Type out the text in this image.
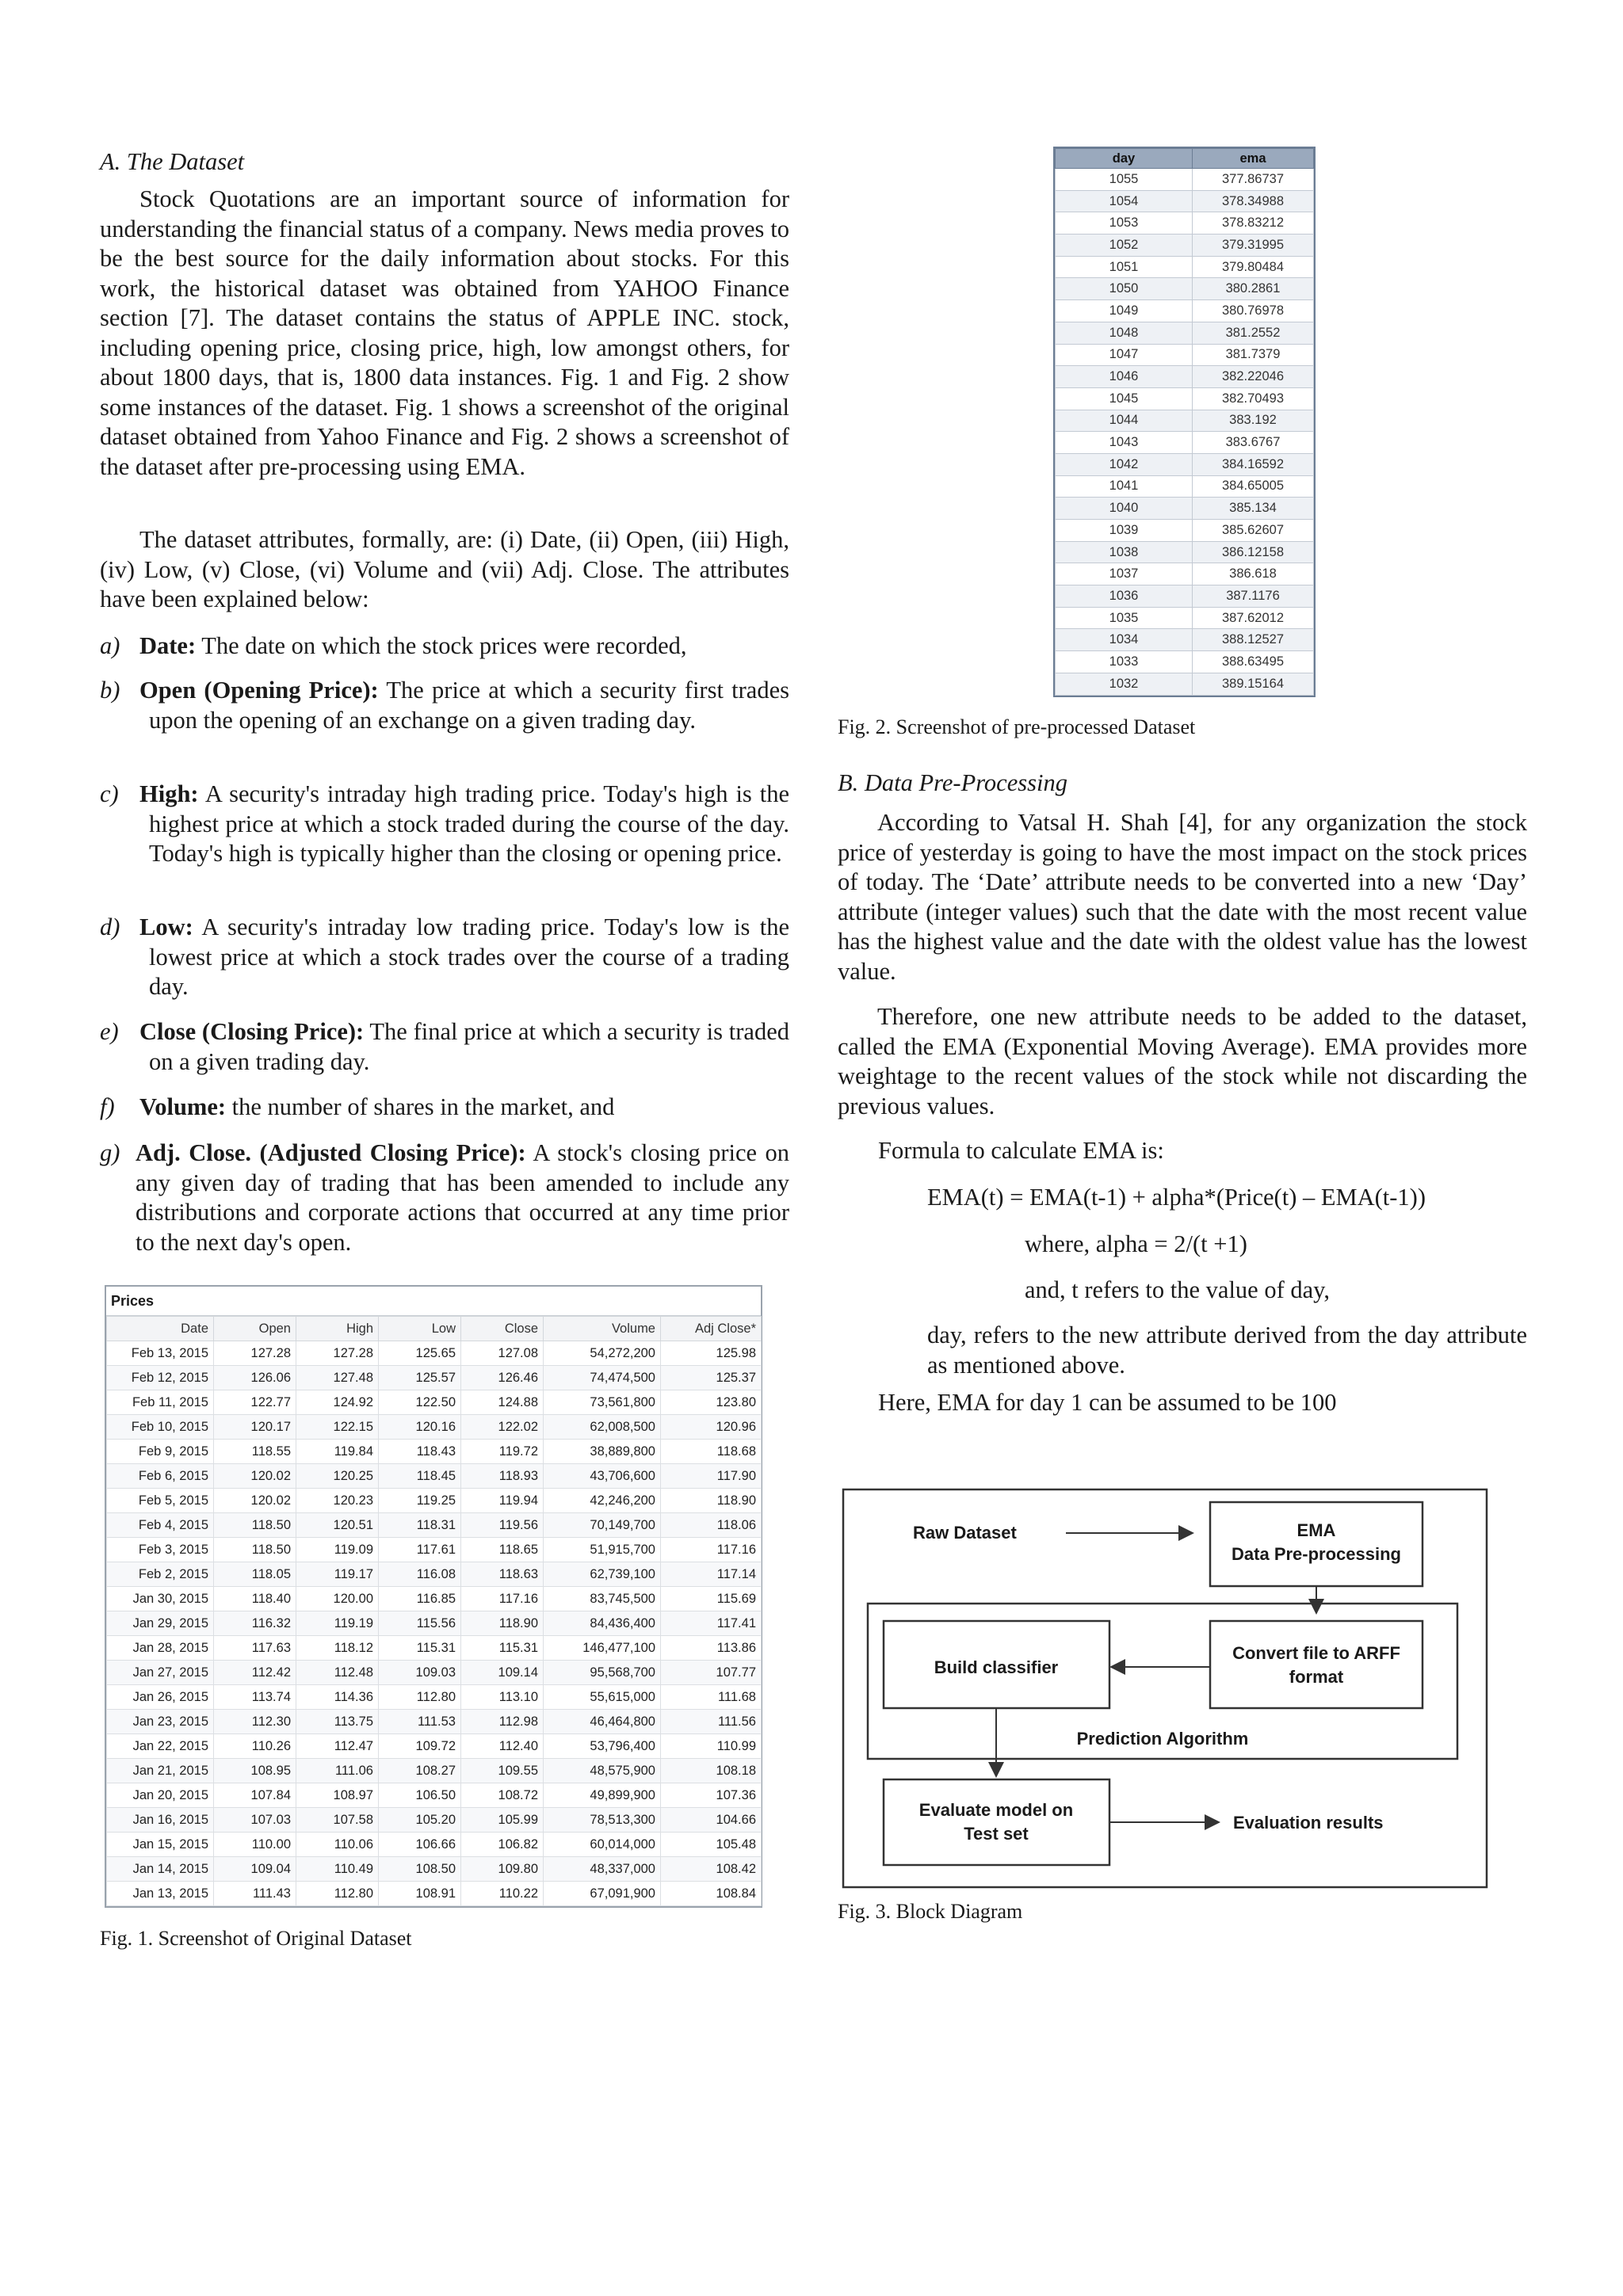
A. The Dataset

Stock Quotations are an important source of information for understanding the financial status of a company. News media proves to be the best source for the daily information about stocks. For this work, the historical dataset was obtained from YAHOO Finance section [7]. The dataset contains the status of APPLE INC. stock, including opening price, closing price, high, low amongst others, for about 1800 days, that is, 1800 data instances. Fig. 1 and Fig. 2 show some instances of the dataset. Fig. 1 shows a screenshot of the original dataset obtained from Yahoo Finance and Fig. 2 shows a screenshot of the dataset after pre-processing using EMA.

The dataset attributes, formally, are: (i) Date, (ii) Open, (iii) High, (iv) Low, (v) Close, (vi) Volume and (vii) Adj. Close. The attributes have been explained below:

a) Date: The date on which the stock prices were recorded,
b) Open (Opening Price): The price at which a security first trades upon the opening of an exchange on a given trading day.
c) High: A security's intraday high trading price. Today's high is the highest price at which a stock traded during the course of the day. Today's high is typically higher than the closing or opening price.
d) Low: A security's intraday low trading price. Today's low is the lowest price at which a stock trades over the course of a trading day.
e) Close (Closing Price): The final price at which a security is traded on a given trading day.
f)	Volume: the number of shares in the market, and
g) Adj. Close. (Adjusted Closing Price): A stock's closing price on any given day of trading that has been amended to include any distributions and corporate actions that occurred at any time prior to the next day's open.
Prices
Date	Open	High	Low	Close	Volume	Adj Close*
Feb 13, 2015	127.28	127.28	125.65	127.08	54,272,200	125.98
Feb 12, 2015	126.06	127.48	125.57	126.46	74,474,500	125.37
Feb 11, 2015	122.77	124.92	122.50	124.88	73,561,800	123.80
Feb 10, 2015	120.17	122.15	120.16	122.02	62,008,500	120.96
Feb 9, 2015	118.55	119.84	118.43	119.72	38,889,800	118.68
Feb 6, 2015	120.02	120.25	118.45	118.93	43,706,600	117.90
Feb 5, 2015	120.02	120.23	119.25	119.94	42,246,200	118.90
Feb 4, 2015	118.50	120.51	118.31	119.56	70,149,700	118.06
Feb 3, 2015	118.50	119.09	117.61	118.65	51,915,700	117.16
Feb 2, 2015	118.05	119.17	116.08	118.63	62,739,100	117.14
Jan 30, 2015	118.40	120.00	116.85	117.16	83,745,500	115.69
Jan 29, 2015	116.32	119.19	115.56	118.90	84,436,400	117.41
Jan 28, 2015	117.63	118.12	115.31	115.31	146,477,100	113.86
Jan 27, 2015	112.42	112.48	109.03	109.14	95,568,700	107.77
Jan 26, 2015	113.74	114.36	112.80	113.10	55,615,000	111.68
Jan 23, 2015	112.30	113.75	111.53	112.98	46,464,800	111.56
Jan 22, 2015	110.26	112.47	109.72	112.40	53,796,400	110.99
Jan 21, 2015	108.95	111.06	108.27	109.55	48,575,900	108.18
Jan 20, 2015	107.84	108.97	106.50	108.72	49,899,900	107.36
Jan 16, 2015	107.03	107.58	105.20	105.99	78,513,300	104.66
Jan 15, 2015	110.00	110.06	106.66	106.82	60,014,000	105.48
Jan 14, 2015	109.04	110.49	108.50	109.80	48,337,000	108.42
Jan 13, 2015	111.43	112.80	108.91	110.22	67,091,900	108.84
Fig. 1. Screenshot of Original Dataset
day	ema
1055	377.86737
1054	378.34988
1053	378.83212
1052	379.31995
1051	379.80484
1050	380.2861
1049	380.76978
1048	381.2552
1047	381.7379
1046	382.22046
1045	382.70493
1044	383.192
1043	383.6767
1042	384.16592
1041	384.65005
1040	385.134
1039	385.62607
1038	386.12158
1037	386.618
1036	387.1176
1035	387.62012
1034	388.12527
1033	388.63495
1032	389.15164
Fig. 2. Screenshot of pre-processed Dataset
B. Data Pre-Processing

According to Vatsal H. Shah [4], for any organization the stock price of yesterday is going to have the most impact on the stock prices of today. The ‘Date’ attribute needs to be converted into a new ‘Day’ attribute (integer values) such that the date with the most recent value has the highest value and the date with the oldest value has the lowest value.

Therefore, one new attribute needs to be added to the dataset, called the EMA (Exponential Moving Average). EMA provides more weightage to the recent values of the stock while not discarding the previous values.

Formula to calculate EMA is:
EMA(t) = EMA(t-1) + alpha*(Price(t) – EMA(t-1))
where, alpha = 2/(t +1)
and, t refers to the value of day,

day, refers to the new attribute derived from the day attribute as mentioned above.

Here, EMA for day 1 can be assumed to be 100
Raw Dataset	EMA
Data Pre-processing
Convert file to ARFF
format
Build classifier
Prediction Algorithm
Evaluate model on
Test set
Evaluation results
Fig. 3. Block Diagram
